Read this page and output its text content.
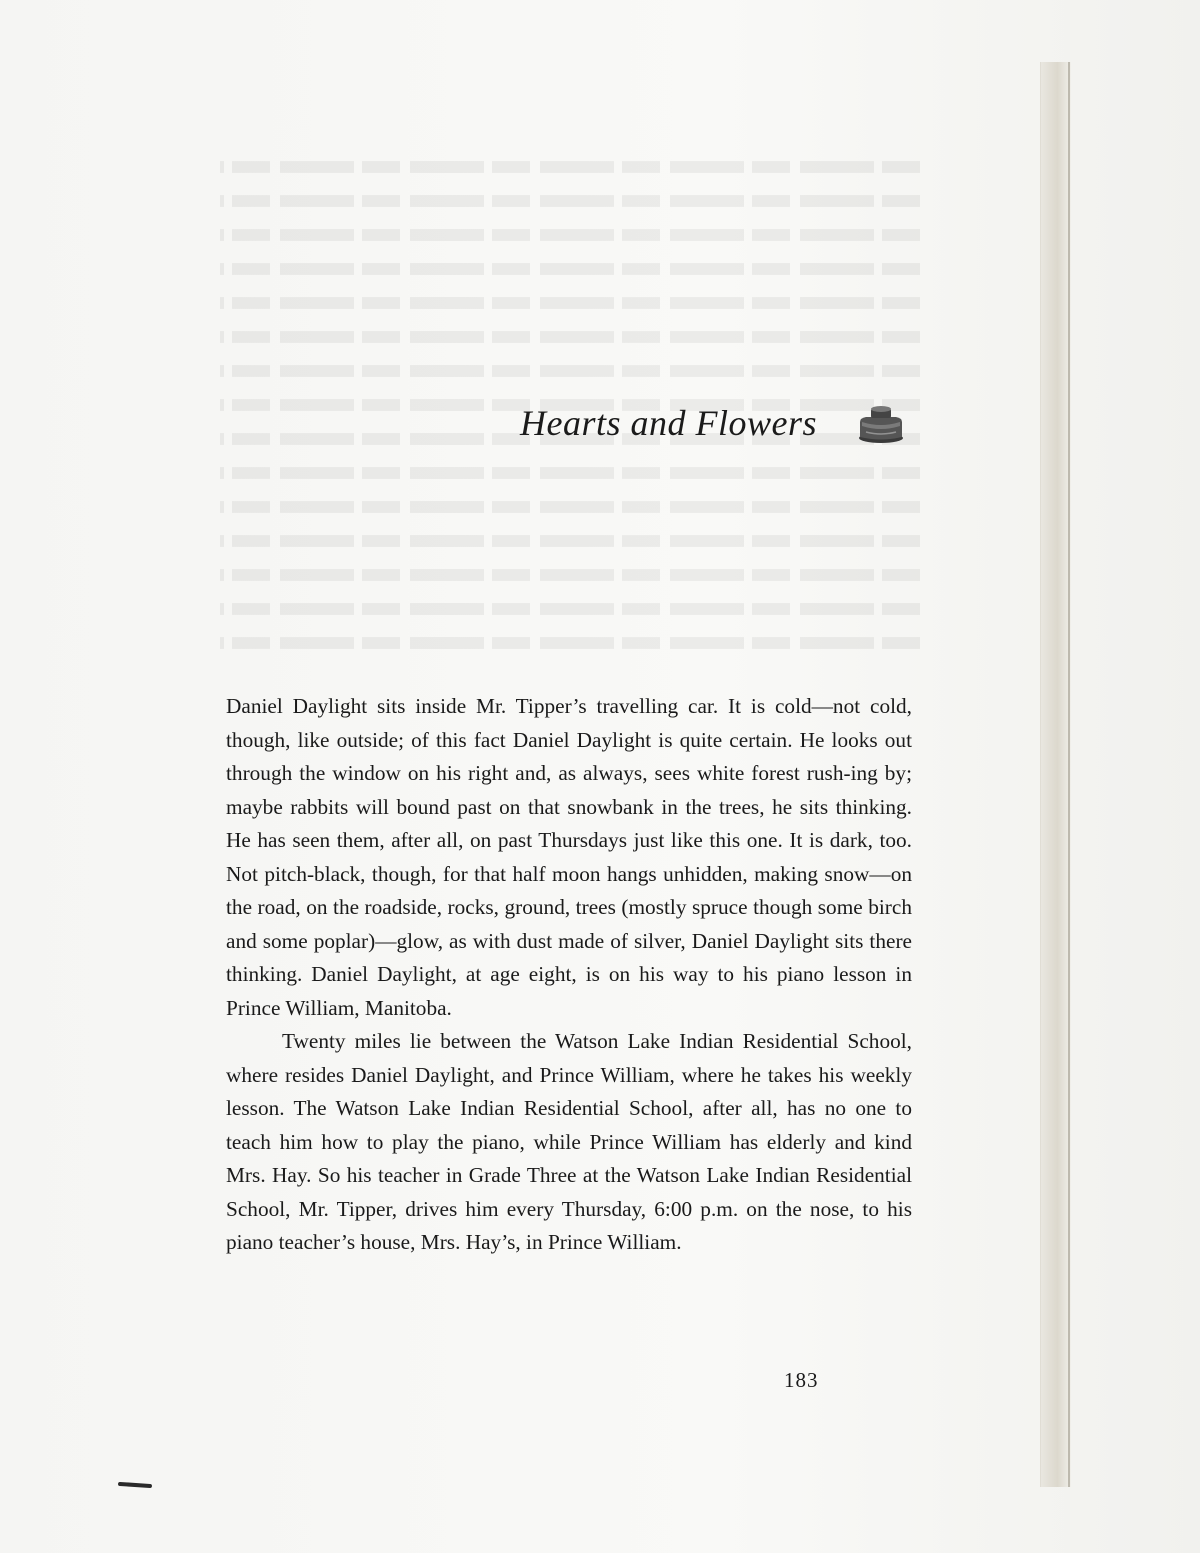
Hearts and Flowers

Daniel Daylight sits inside Mr. Tipper’s travelling car. It is cold—not cold, though, like outside; of this fact Daniel Daylight is quite certain. He looks out through the window on his right and, as always, sees white forest rush-ing by; maybe rabbits will bound past on that snowbank in the trees, he sits thinking. He has seen them, after all, on past Thursdays just like this one. It is dark, too. Not pitch-black, though, for that half moon hangs unhidden, making snow—on the road, on the roadside, rocks, ground, trees (mostly spruce though some birch and some poplar)—glow, as with dust made of silver, Daniel Daylight sits there thinking. Daniel Daylight, at age eight, is on his way to his piano lesson in Prince William, Manitoba.

Twenty miles lie between the Watson Lake Indian Residential School, where resides Daniel Daylight, and Prince William, where he takes his weekly lesson. The Watson Lake Indian Residential School, after all, has no one to teach him how to play the piano, while Prince William has elderly and kind Mrs. Hay. So his teacher in Grade Three at the Watson Lake Indian Residential School, Mr. Tipper, drives him every Thursday, 6:00 p.m. on the nose, to his piano teacher’s house, Mrs. Hay’s, in Prince William.

183
